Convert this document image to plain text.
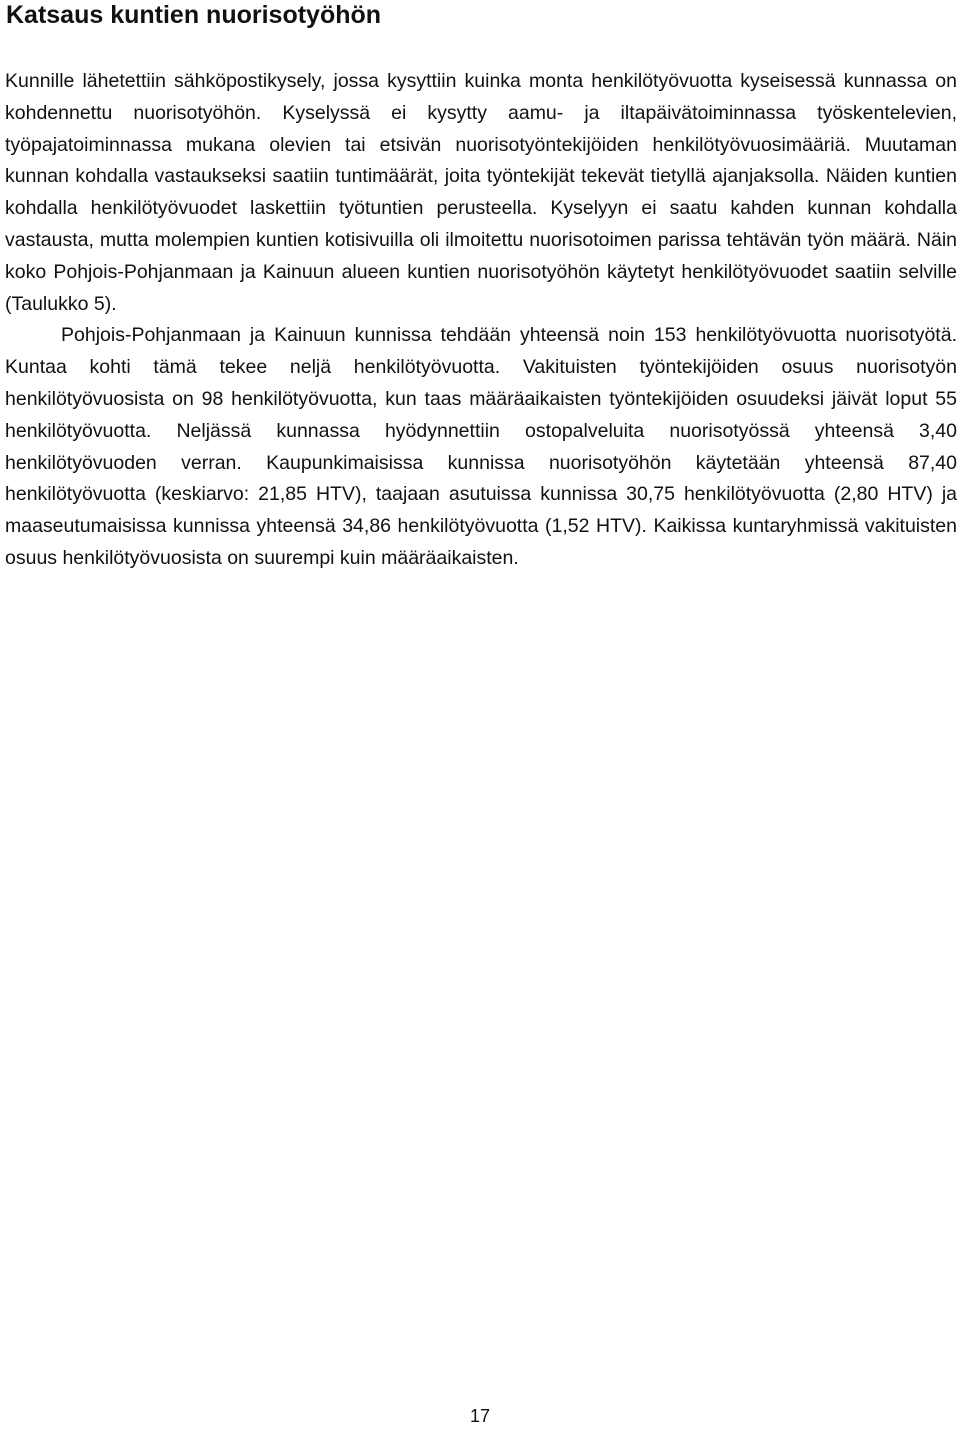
Katsaus kuntien nuorisotyöhön

Kunnille lähetettiin sähköpostikysely, jossa kysyttiin kuinka monta henkilötyövuotta kyseisessä kunnassa on kohdennettu nuorisotyöhön. Kyselyssä ei kysytty aamu- ja iltapäivätoiminnassa työskentelevien, työpajatoiminnassa mukana olevien tai etsivän nuorisotyöntekijöiden henkilötyövuosimääriä. Muutaman kunnan kohdalla vastaukseksi saatiin tuntimäärät, joita työntekijät tekevät tietyllä ajanjaksolla. Näiden kuntien kohdalla henkilötyövuodet laskettiin työtuntien perusteella. Kyselyyn ei saatu kahden kunnan kohdalla vastausta, mutta molempien kuntien kotisivuilla oli ilmoitettu nuorisotoimen parissa tehtävän työn määrä. Näin koko Pohjois-Pohjanmaan ja Kainuun alueen kuntien nuorisotyöhön käytetyt henkilötyövuodet saatiin selville (Taulukko 5).

Pohjois-Pohjanmaan ja Kainuun kunnissa tehdään yhteensä noin 153 henkilötyövuotta nuorisotyötä. Kuntaa kohti tämä tekee neljä henkilötyövuotta. Vakituisten työntekijöiden osuus nuorisotyön henkilötyövuosista on 98 henkilötyövuotta, kun taas määräaikaisten työntekijöiden osuudeksi jäivät loput 55 henkilötyövuotta. Neljässä kunnassa hyödynnettiin ostopalveluita nuorisotyössä yhteensä 3,40 henkilötyövuoden verran. Kaupunkimaisissa kunnissa nuorisotyöhön käytetään yhteensä 87,40 henkilötyövuotta (keskiarvo: 21,85 HTV), taajaan asutuissa kunnissa 30,75 henkilötyövuotta (2,80 HTV) ja maaseutumaisissa kunnissa yhteensä 34,86 henkilötyövuotta (1,52 HTV). Kaikissa kuntaryhmissä vakituisten osuus henkilötyövuosista on suurempi kuin määräaikaisten.

17
